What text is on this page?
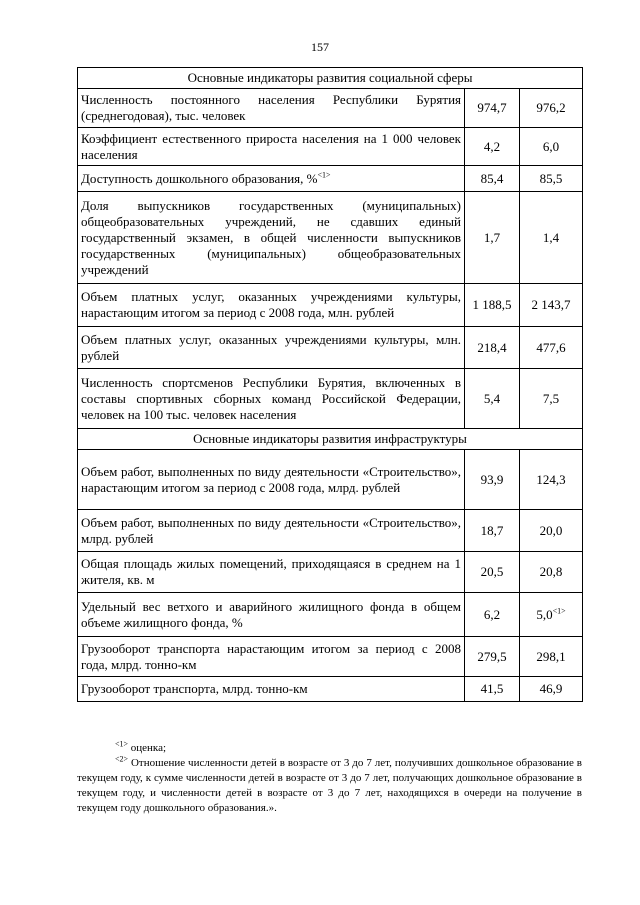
157
Основные индикаторы развития социальной сферы		
Численность постоянного населения Республики Бурятия (среднегодовая), тыс. человек	974,7	976,2
Коэффициент естественного прироста населения на 1 000 человек населения	4,2	6,0
Доступность дошкольного образования, %$^{<1>}$	85,4	85,5
Доля выпускников государственных (муниципальных) общеобразовательных учреждений, не сдавших единый государственный экзамен, в общей численности выпускников государственных (муниципальных) общеобразовательных учреждений	1,7	1,4
Объем платных услуг, оказанных учреждениями культуры, нарастающим итогом за период с 2008 года, млн. рублей	1 188,5	2 143,7
Объем платных услуг, оказанных учреждениями культуры, млн. рублей	218,4	477,6
Численность спортсменов Республики Бурятия, включенных в составы спортивных сборных команд Российской Федерации, человек на 100 тыс. человек населения	5,4	7,5
Основные индикаторы развития инфраструктуры		
Объем работ, выполненных по виду деятельности «Строительство», нарастающим итогом за период с 2008 года, млрд. рублей	93,9	124,3
Объем работ, выполненных по виду деятельности «Строительство», млрд. рублей	18,7	20,0
Общая площадь жилых помещений, приходящаяся в среднем на 1 жителя, кв. м	20,5	20,8
Удельный вес ветхого и аварийного жилищного фонда в общем объеме жилищного фонда, %	6,2	$5,0^{<1>}$
Грузооборот транспорта нарастающим итогом за период с 2008 года, млрд. тонно-км	279,5	298,1
Грузооборот транспорта, млрд. тонно-км	41,5	46,9
$^{<1>}$ оценка;
$^{<2>}$ Отношение численности детей в возрасте от 3 до 7 лет, получивших дошкольное образование в текущем году, к сумме численности детей в возрасте от 3 до 7 лет, получающих дошкольное образование в текущем году, и численности детей в возрасте от 3 до 7 лет, находящихся в очереди на получение в текущем году дошкольного образования.».
